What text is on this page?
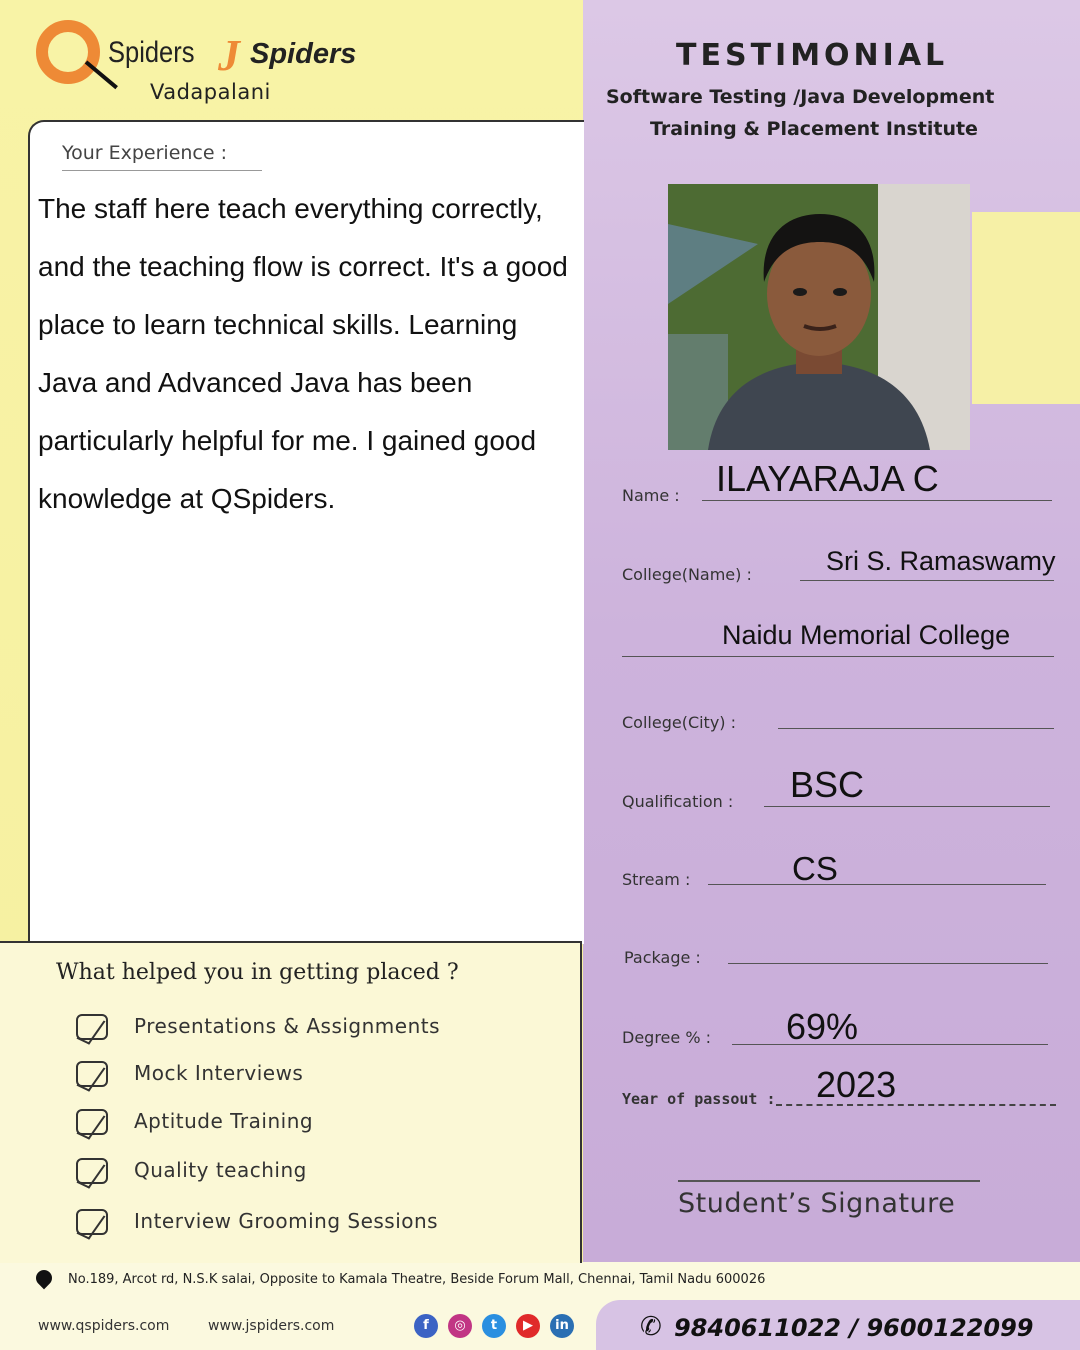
Spiders J Spiders
Vadapalani
Your Experience :
The staff here teach everything correctly, and the teaching flow is correct. It's a good place to learn technical skills. Learning Java and Advanced Java has been particularly helpful for me. I gained good knowledge at QSpiders.
What helped you in getting placed ?
Presentations & Assignments
Mock Interviews
Aptitude Training
Quality teaching
Interview Grooming Sessions
TESTIMONIAL
Software Testing /Java Development
Training & Placement Institute
Name : ILAYARAJA C
College(Name) :	Sri S. Ramaswamy
Naidu Memorial College
College(City) :
Qualification : BSC
Stream :	CS
Package :
Degree % : 69%
Year of passout : 2023
Student’s Signature
No.189, Arcot rd, N.S.K salai, Opposite to Kamala Theatre, Beside Forum Mall, Chennai, Tamil Nadu 600026
www.qspiders.com	www.jspiders.com	f	◎	t	▶	in	✆ 9840611022 / 9600122099
